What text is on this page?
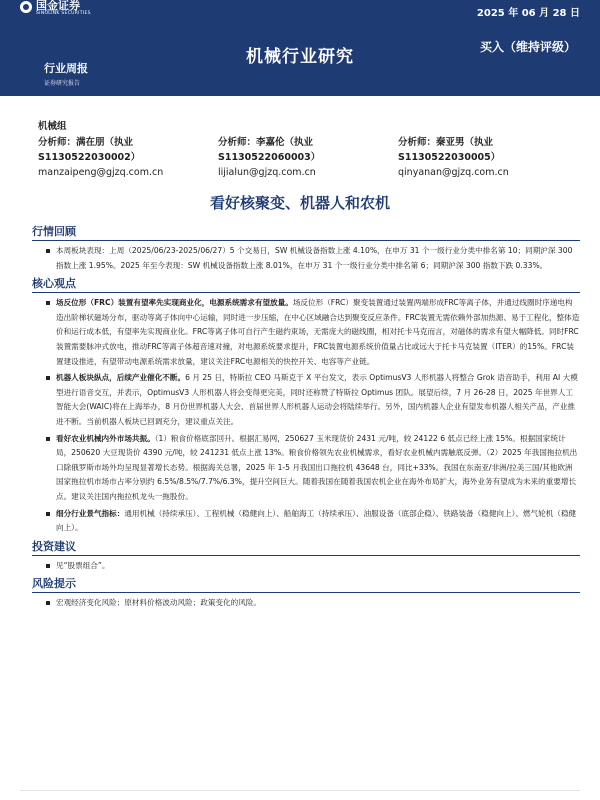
国金证券
SINOLINK SECURITIES	2025 年 06 月 28 日
机械行业研究	买入（维持评级）
行业周报
证券研究报告
机械组
分析师：满在朋（执业
S1130522030002）
manzaipeng@gjzq.com.cn
分析师：李嘉伦（执业
S1130522060003）
lijialun@gjzq.com.cn
分析师：秦亚男（执业
S1130522030005）
qinyanan@gjzq.com.cn
看好核聚变、机器人和农机
行情回顾
本周板块表现：上周（2025/06/23-2025/06/27）5 个交易日，SW 机械设备指数上涨 4.10%，在申万 31 个一级行业分类中排名第 10；同期沪深 300 指数上涨 1.95%。2025 年至今表现：SW 机械设备指数上涨 8.01%，在申万 31 个一级行业分类中排名第 6；同期沪深 300 指数下跌 0.33%。
核心观点
场反位形（FRC）装置有望率先实现商业化，电源系统需求有望放量。场反位形（FRC）聚变装置通过装置两端形成FRC等离子体，并通过线圈时序递电构造出阶梯状磁场分布，驱动等离子体向中心运输，同时进一步压缩，在中心区域融合达到聚变反应条件。FRC装置无需依赖外部加热源、易于工程化，整体造价和运行成本低，有望率先实现商业化。FRC等离子体可自行产生磁约束场，无需庞大的磁线圈，相对托卡马克而言，对磁体的需求有望大幅降低。同时FRC装置需要脉冲式放电，推动FRC等离子体超音速对撞，对电源系统要求提升，FRC装置电源系统价值量占比或远大于托卡马克装置（ITER）的15%。FRC装置建设推进，有望带动电源系统需求放量，建议关注FRC电源相关的快控开关、电容等产业链。
机器人板块纵点，后续产业催化不断。6 月 25 日，特斯拉 CEO 马斯克于 X 平台发文，表示 OptimusV3 人形机器人将整合 Grok 语音助手，利用 AI 大模型进行语音交互，并表示，OptimusV3 人形机器人将会变得更完美，同时还称赞了特斯拉 Optimus 团队。展望后续，7 月 26-28 日，2025 年世界人工智能大会(WAIC)将在上海举办，8 月份世界机器人大会、首届世界人形机器人运动会将陆续举行。另外，国内机器人企业有望发布机器人相关产品，产业推进不断。当前机器人板块已回调充分，建议重点关注。
看好农业机械内外市场共振。（1）粮食价格底部回升。根据汇易网，250627 玉米现货价 2431 元/吨，较 24122 6 低点已经上涨 15%。根据国家统计局，250620 大豆现货价 4390 元/吨，较 241231 低点上涨 13%。粮食价格领先农业机械需求，看好农业机械内需触底反弹。（2）2025 年我国拖拉机出口除俄罗斯市场外均呈现显著增长态势。根据海关总署，2025 年 1-5 月我国出口拖拉机 43648 台，同比+33%。我国在东南亚/非洲/拉美三国/其他欧洲国家拖拉机市场市占率分别约 6.5%/8.5%/7.7%/6.3%，提升空间巨大。随着我国在随着我国农机企业在海外布局扩大，海外业务有望成为未来的重要增长点。建议关注国内拖拉机龙头一拖股份。
细分行业景气指标：通用机械（持续承压）、工程机械（稳健向上）、船舶海工（持续承压）、油服设备（底部企稳）、铁路装备（稳健向上）、燃气轮机（稳健向上）。
投资建议
见“股票组合”。
风险提示
宏观经济变化风险；原材料价格波动风险；政策变化的风险。
